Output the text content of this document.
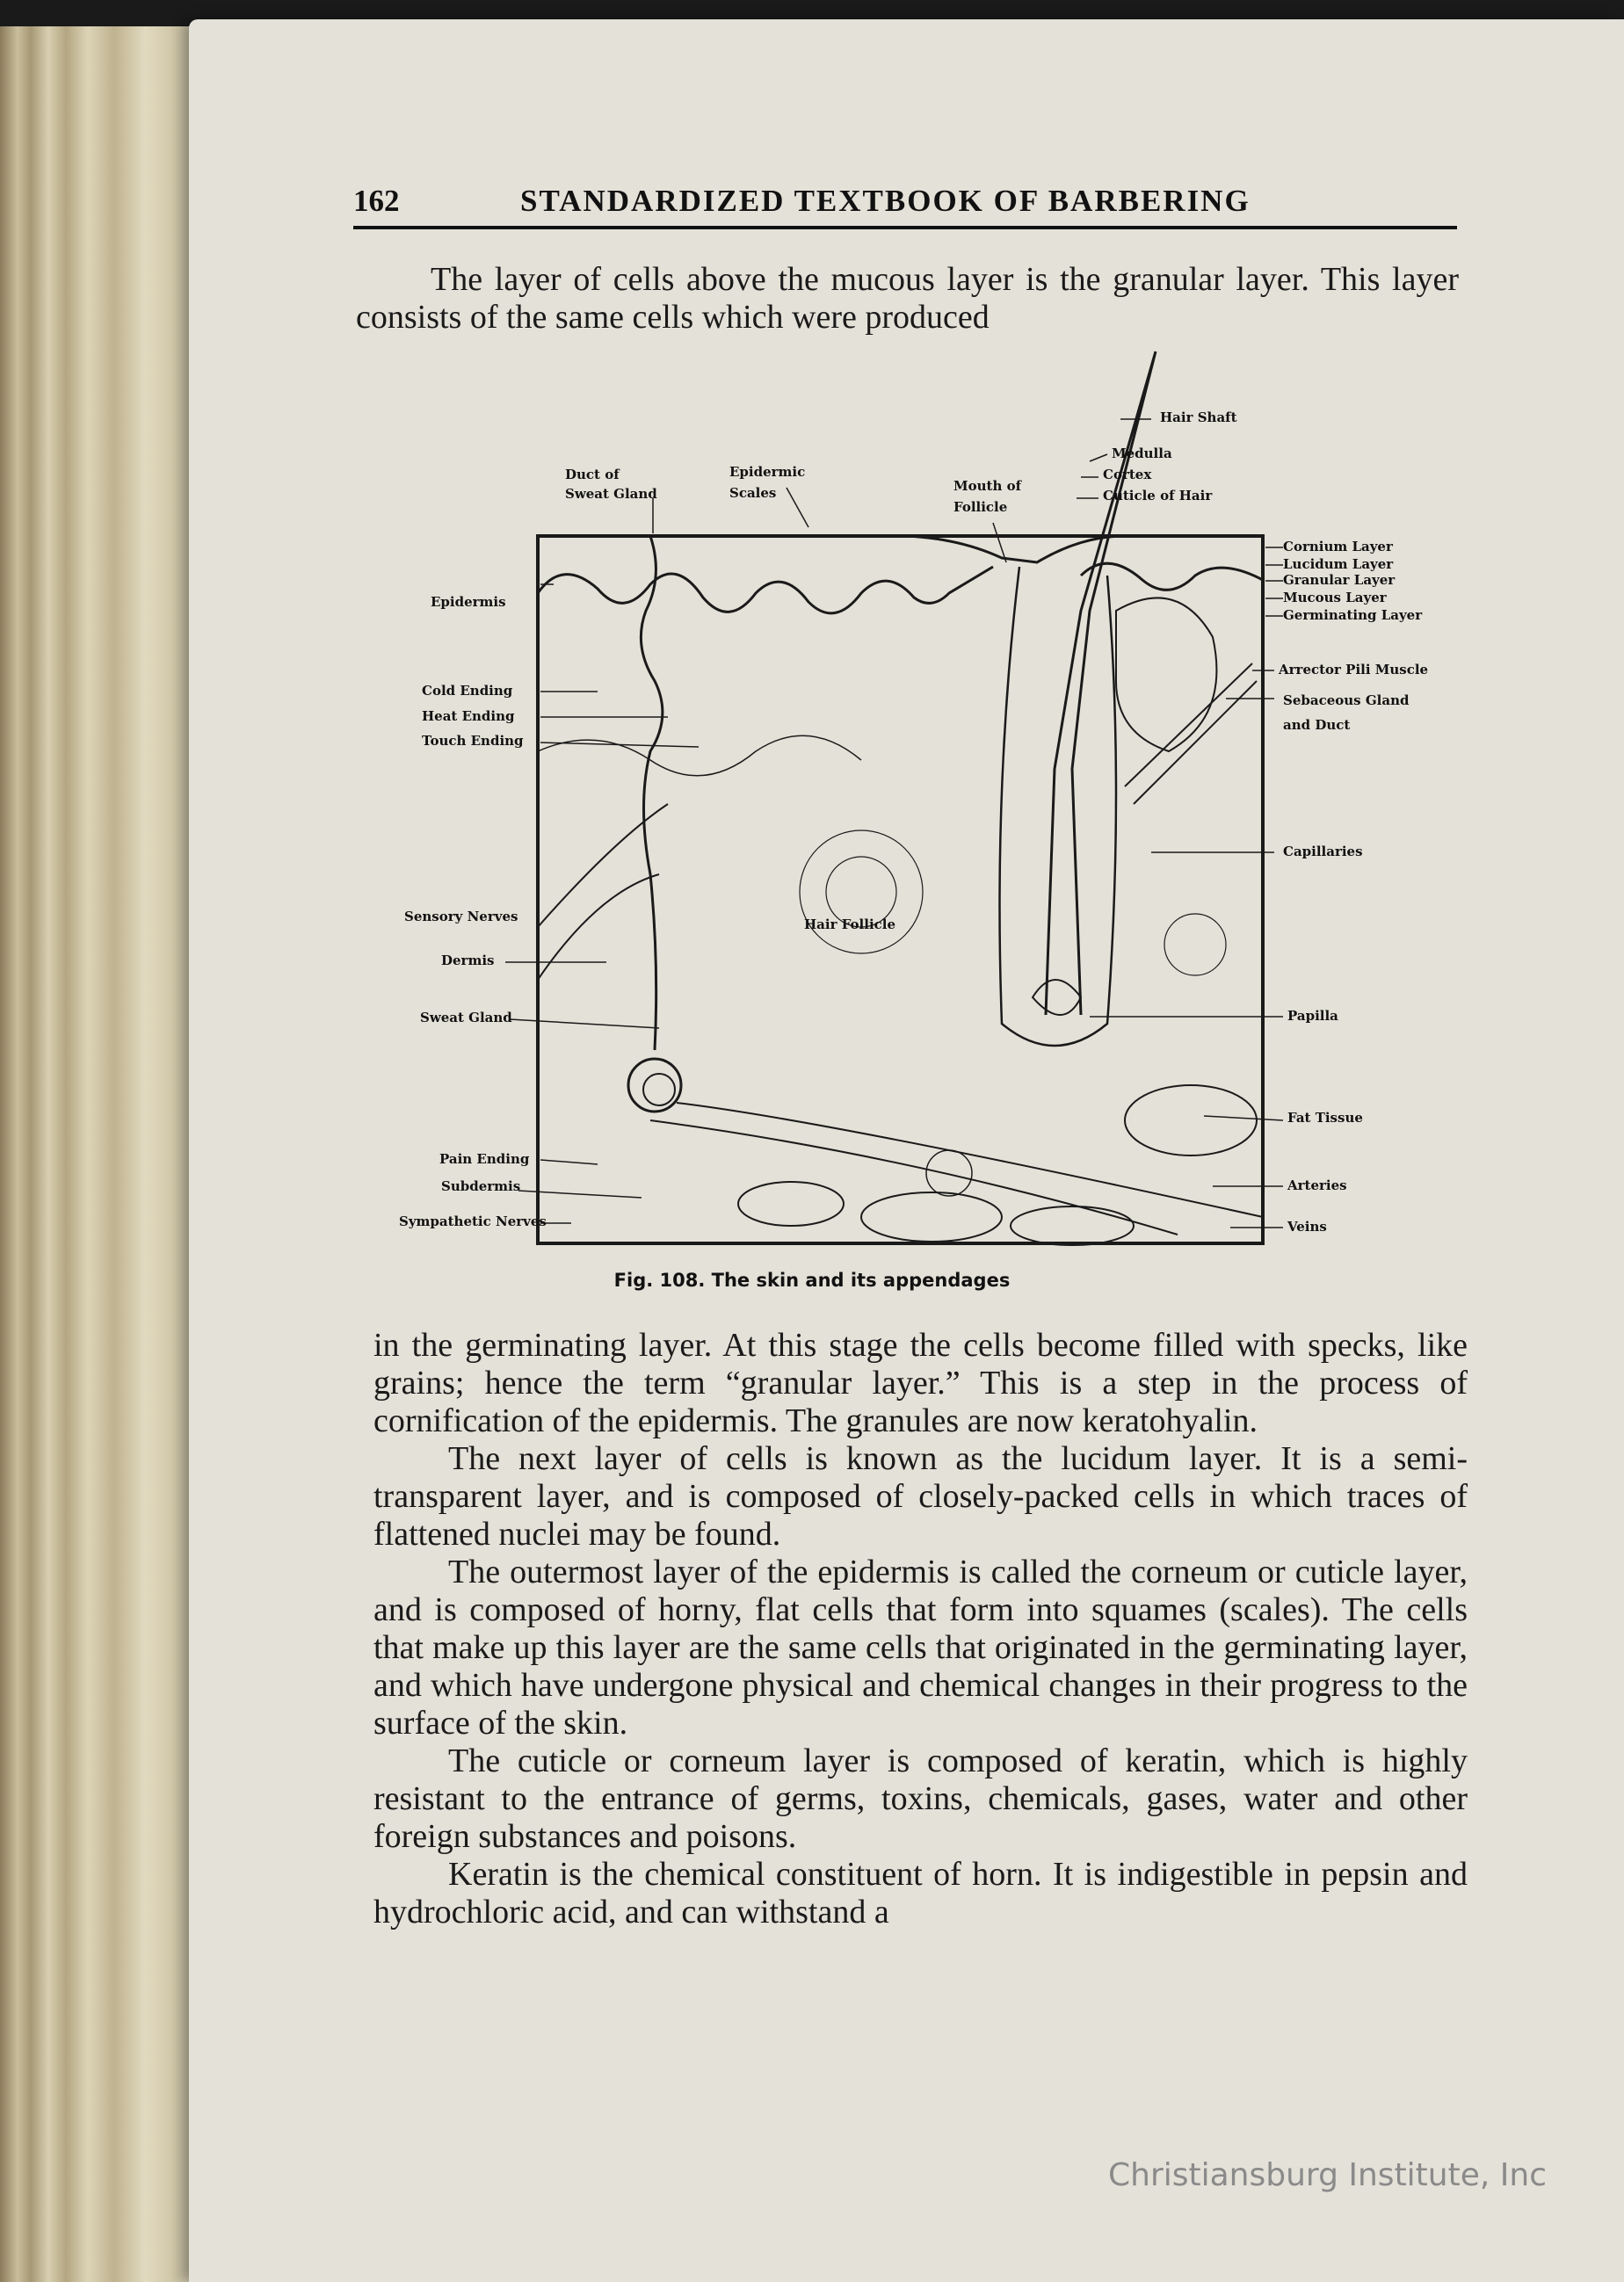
162	STANDARDIZED TEXTBOOK OF BARBERING

The layer of cells above the mucous layer is the granular layer. This layer consists of the same cells which were produced

Hair Shaft
Medulla
Cortex
Cuticle of Hair
Duct of
Sweat Gland
Epidermic
Scales	Mouth of
Follicle
Epidermis
Cornium Layer
Lucidum Layer
Granular Layer
Mucous Layer
Germinating Layer
Arrector Pili Muscle
Sebaceous Gland
and Duct
Cold Ending
Heat Ending
Touch Ending
Capillaries
Sensory Nerves	Hair Follicle
Dermis
Sweat Gland	Papilla
Fat Tissue
Pain Ending
Subdermis	Arteries
Sympathetic Nerves	Veins
Fig. 108. The skin and its appendages

in the germinating layer. At this stage the cells become filled with specks, like grains; hence the term “granular layer.” This is a step in the process of cornification of the epidermis. The granules are now keratohyalin.

The next layer of cells is known as the lucidum layer. It is a semi-transparent layer, and is composed of closely-packed cells in which traces of flattened nuclei may be found.

The outermost layer of the epidermis is called the corneum or cuticle layer, and is composed of horny, flat cells that form into squames (scales). The cells that make up this layer are the same cells that originated in the germinating layer, and which have undergone physical and chemical changes in their progress to the surface of the skin.

The cuticle or corneum layer is composed of keratin, which is highly resistant to the entrance of germs, toxins, chemicals, gases, water and other foreign substances and poisons.

Keratin is the chemical constituent of horn. It is indigestible in pepsin and hydrochloric acid, and can withstand a

Christiansburg Institute, Inc
